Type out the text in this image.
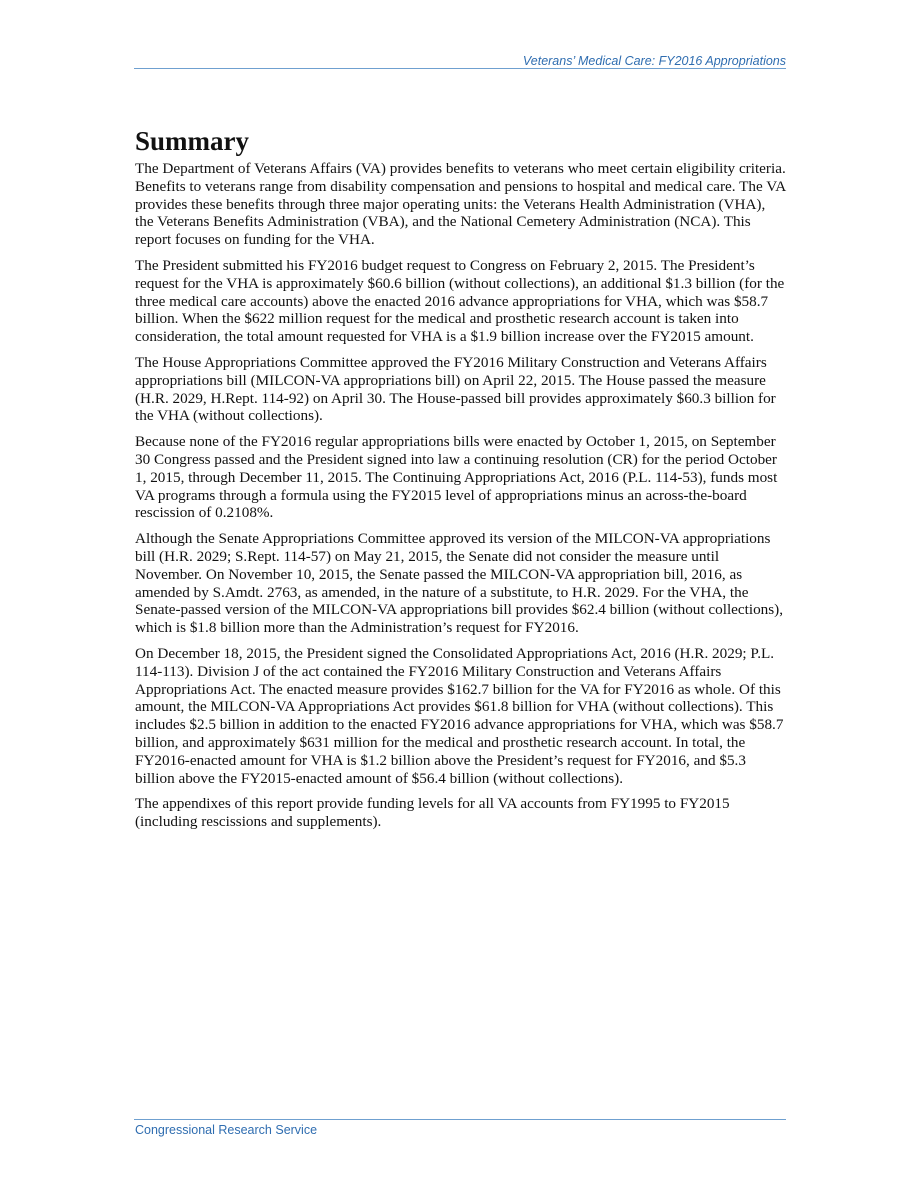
Veterans’ Medical Care: FY2016 Appropriations
Summary

The Department of Veterans Affairs (VA) provides benefits to veterans who meet certain eligibility criteria. Benefits to veterans range from disability compensation and pensions to hospital and medical care. The VA provides these benefits through three major operating units: the Veterans Health Administration (VHA), the Veterans Benefits Administration (VBA), and the National Cemetery Administration (NCA). This report focuses on funding for the VHA.

The President submitted his FY2016 budget request to Congress on February 2, 2015. The President’s request for the VHA is approximately $60.6 billion (without collections), an additional $1.3 billion (for the three medical care accounts) above the enacted 2016 advance appropriations for VHA, which was $58.7 billion. When the $622 million request for the medical and prosthetic research account is taken into consideration, the total amount requested for VHA is a $1.9 billion increase over the FY2015 amount.

The House Appropriations Committee approved the FY2016 Military Construction and Veterans Affairs appropriations bill (MILCON-VA appropriations bill) on April 22, 2015. The House passed the measure (H.R. 2029, H.Rept. 114-92) on April 30. The House-passed bill provides approximately $60.3 billion for the VHA (without collections).

Because none of the FY2016 regular appropriations bills were enacted by October 1, 2015, on September 30 Congress passed and the President signed into law a continuing resolution (CR) for the period October 1, 2015, through December 11, 2015. The Continuing Appropriations Act, 2016 (P.L. 114-53), funds most VA programs through a formula using the FY2015 level of appropriations minus an across-the-board rescission of 0.2108%.

Although the Senate Appropriations Committee approved its version of the MILCON-VA appropriations bill (H.R. 2029; S.Rept. 114-57) on May 21, 2015, the Senate did not consider the measure until November. On November 10, 2015, the Senate passed the MILCON-VA appropriation bill, 2016, as amended by S.Amdt. 2763, as amended, in the nature of a substitute, to H.R. 2029. For the VHA, the Senate-passed version of the MILCON-VA appropriations bill provides $62.4 billion (without collections), which is $1.8 billion more than the Administration’s request for FY2016.

On December 18, 2015, the President signed the Consolidated Appropriations Act, 2016 (H.R. 2029; P.L. 114-113). Division J of the act contained the FY2016 Military Construction and Veterans Affairs Appropriations Act. The enacted measure provides $162.7 billion for the VA for FY2016 as whole. Of this amount, the MILCON-VA Appropriations Act provides $61.8 billion for VHA (without collections). This includes $2.5 billion in addition to the enacted FY2016 advance appropriations for VHA, which was $58.7 billion, and approximately $631 million for the medical and prosthetic research account. In total, the FY2016-enacted amount for VHA is $1.2 billion above the President’s request for FY2016, and $5.3 billion above the FY2015-enacted amount of $56.4 billion (without collections).

The appendixes of this report provide funding levels for all VA accounts from FY1995 to FY2015 (including rescissions and supplements).

Congressional Research Service
